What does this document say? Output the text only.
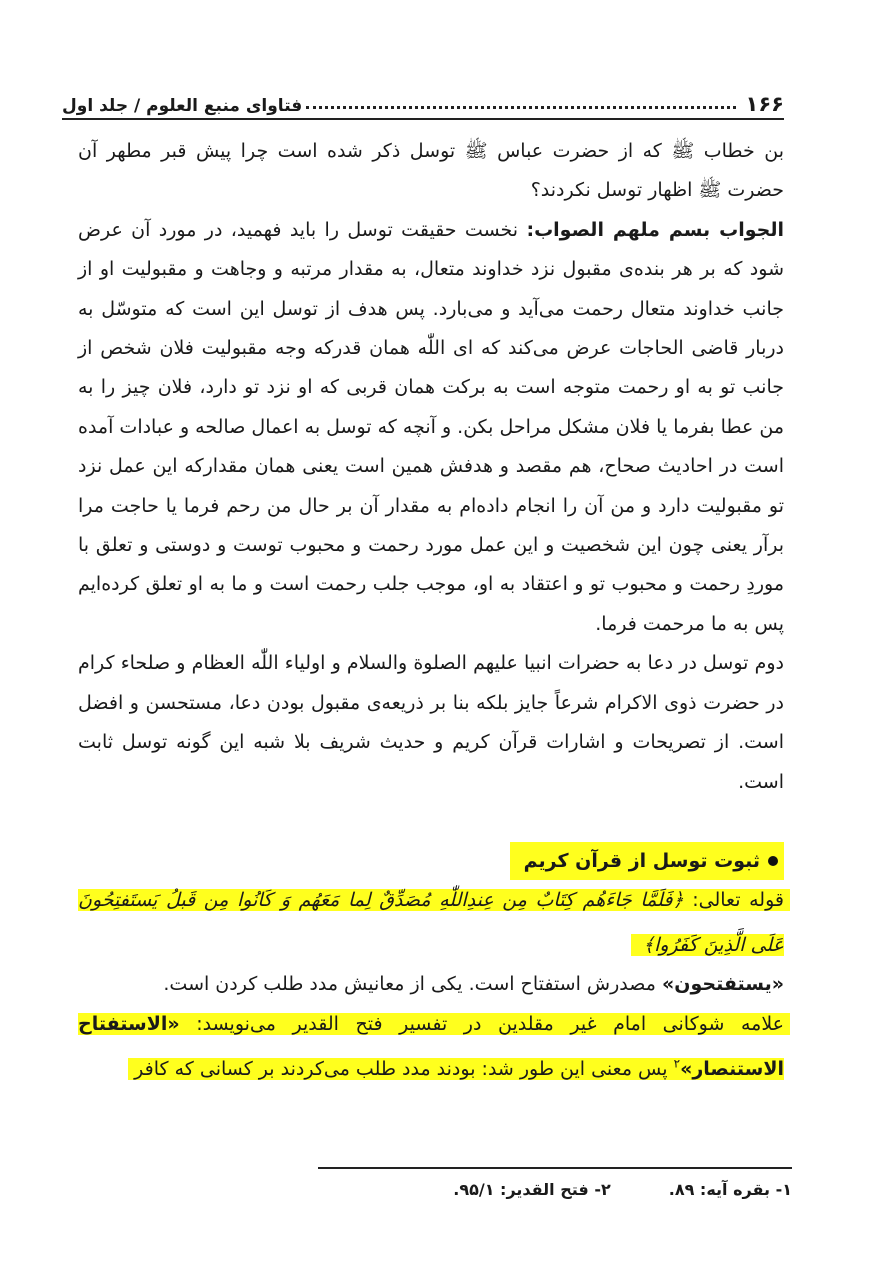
۱۶۶
فتاوای منبع العلوم / جلد اول

بن خطاب ﷺ که از حضرت عباس ﷺ توسل ذکر شده است چرا پیش قبر مطهر آن حضرت ﷺ اظهار توسل نکردند؟

الجواب بسم ملهم الصواب: نخست حقیقت توسل را باید فهمید، در مورد آن عرض شود که بر هر بنده‌ی مقبول نزد خداوند متعال، به مقدار مرتبه و وجاهت و مقبولیت او از جانب خداوند متعال رحمت می‌آید و می‌بارد. پس هدف از توسل این است که متوسّل به دربار قاضی الحاجات عرض می‌کند که ای اللّٰه همان قدرکه وجه مقبولیت فلان شخص از جانب تو به او رحمت متوجه است به برکت همان قربی که او نزد تو دارد، فلان چیز را به من عطا بفرما یا فلان مشکل مراحل بکن. و آنچه که توسل به اعمال صالحه و عبادات آمده است در احادیث صحاح، هم مقصد و هدفش همین است یعنی همان مقدارکه این عمل نزد تو مقبولیت دارد و من آن را انجام داده‌ام به مقدار آن بر حال من رحم فرما یا حاجت مرا برآر یعنی چون این شخصیت و این عمل مورد رحمت و محبوب توست و دوستی و تعلق با موردِ رحمت و محبوب تو و اعتقاد به او، موجب جلب رحمت است و ما به او تعلق کرده‌ایم پس به ما مرحمت فرما.

دوم توسل در دعا به حضرات انبیا علیهم الصلوة والسلام و اولیاء اللّٰه العظام و صلحاء کرام در حضرت ذوی الاکرام شرعاً جایز بلکه بنا بر ذریعه‌ی مقبول بودن دعا، مستحسن و افضل است. از تصریحات و اشارات قرآن کریم و حدیث شریف بلا شبه این گونه توسل ثابت است.

ثبوت توسل از قرآن کریم

قوله تعالی: ﴿فَلَمَّا جَاءَهُم كِتَابٌ مِن عِندِاللّٰهِ مُصَدِّقٌ لِما مَعَهُم وَ كَانُوا مِن قَبلُ يَستَفتِحُونَ عَلَى الَّذِينَ كَفَرُوا﴾

«یستفتحون» مصدرش استفتاح است. یکی از معانیش مدد طلب کردن است.

علامه شوکانی امام غیر مقلدین در تفسیر فتح القدیر می‌نویسد: «الاستفتاح الاستنصار»$^٢$ پس معنی این طور شد: بودند مدد طلب می‌کردند بر کسانی که کافر

۱- بقره آیه: ۸۹.
۲- فتح القدیر: ۹۵/۱.
